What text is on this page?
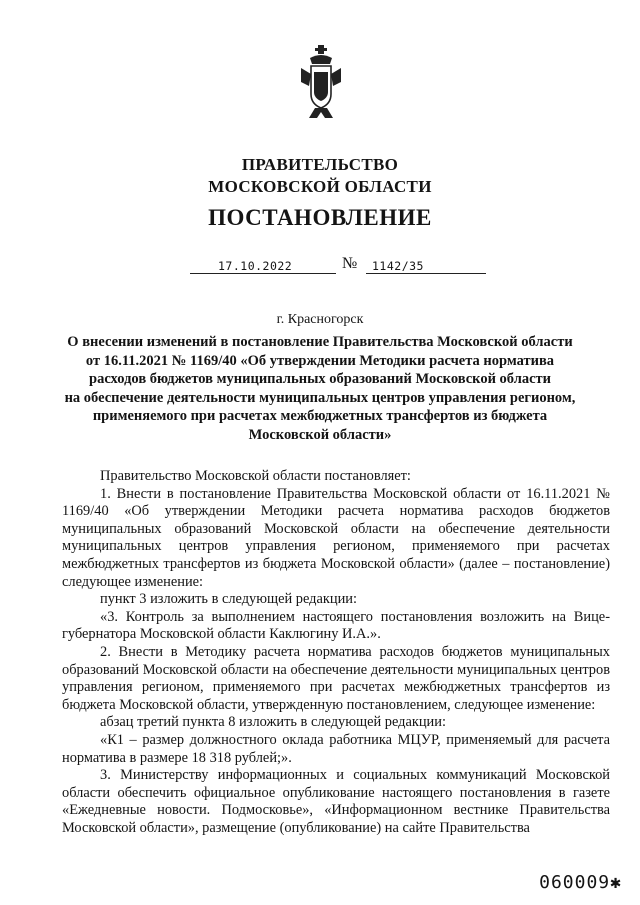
ПРАВИТЕЛЬСТВО
МОСКОВСКОЙ ОБЛАСТИ
ПОСТАНОВЛЕНИЕ
17.10.2022	№ 1142/35
г. Красногорск
О внесении изменений в постановление Правительства Московской области
от 16.11.2021 № 1169/40 «Об утверждении Методики расчета норматива
расходов бюджетов муниципальных образований Московской области
на обеспечение деятельности муниципальных центров управления регионом,
применяемого при расчетах межбюджетных трансфертов из бюджета
Московской области»

Правительство Московской области постановляет:

1. Внести в постановление Правительства Московской области от 16.11.2021 № 1169/40 «Об утверждении Методики расчета норматива расходов бюджетов муниципальных образований Московской области на обеспечение деятельности муниципальных центров управления регионом, применяемого при расчетах межбюджетных трансфертов из бюджета Московской области» (далее – постановление) следующее изменение:

пункт 3 изложить в следующей редакции:

«3. Контроль за выполнением настоящего постановления возложить на Вице-губернатора Московской области Каклюгину И.А.».

2. Внести в Методику расчета норматива расходов бюджетов муниципальных образований Московской области на обеспечение деятельности муниципальных центров управления регионом, применяемого при расчетах межбюджетных трансфертов из бюджета Московской области, утвержденную постановлением, следующее изменение:

абзац третий пункта 8 изложить в следующей редакции:

«К1 – размер должностного оклада работника МЦУР, применяемый для расчета норматива в размере 18 318 рублей;».

3. Министерству информационных и социальных коммуникаций Московской области обеспечить официальное опубликование настоящего постановления в газете «Ежедневные новости. Подмосковье», «Информационном вестнике Правительства Московской области», размещение (опубликование) на сайте Правительства

060009✱
